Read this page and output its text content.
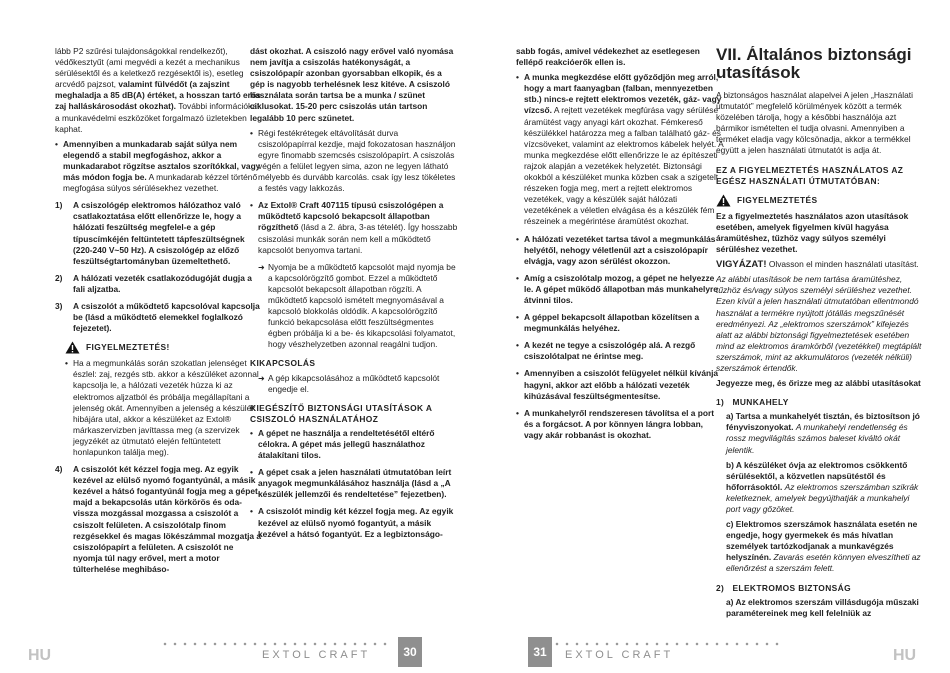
lább P2 szűrési tulajdonságokkal rendelkezőt), védőkesztyűt (ami megvédi a kezét a mechanikus sérülésektől és a keletkező rezgésektől is), esetleg arcvédő pajzsot, valamint fülvédőt (a zajszint meghaladja a 85 dB(A) értéket, a hosszan tartó erős zaj halláskárosodást okozhat). További információkat a munkavédelmi eszközöket forgalmazó üzletekben kaphat.

• Amennyiben a munkadarab saját súlya nem elegendő a stabil megfogáshoz, akkor a munkadarabot rögzítse asztalos szorítókkal, vagy más módon fogja be. A munkadarab kézzel történő megfogása súlyos sérülésekhez vezethet.
1) A csiszológép elektromos hálózathoz való csatlakoztatása előtt ellenőrizze le, hogy a hálózati feszültség megfelel-e a gép típuscímkéjén feltüntetett tápfeszültségnek (220-240 V~50 Hz). A csiszológép az előző feszültségtartományban üzemeltethető.
2) A hálózati vezeték csatlakozódugóját dugja a fali aljzatba.
3) A csiszolót a működtető kapcsolóval kapcsolja be (lásd a működtető elemekkel foglalkozó fejezetet).
FIGYELMEZTETÉS!
• Ha a megmunkálás során szokatlan jelenséget észlel: zaj, rezgés stb. akkor a készüléket azonnal kapcsolja le, a hálózati vezeték húzza ki az elektromos aljzatból és próbálja megállapítani a jelenség okát. Amennyiben a jelenség a készülék hibájára utal, akkor a készüléket az Extol® márkaszervizben javíttassa meg (a szervizek jegyzékét az útmutató elején feltüntetett honlapunkon találja meg).
4) A csiszolót két kézzel fogja meg. Az egyik kezével az elülső nyomó fogantyúnál, a másik kezével a hátsó fogantyúnál fogja meg a gépet, majd a bekapcsolás után körkörös és oda-vissza mozgással mozgassa a csiszolót a csiszolt felületen. A csiszolótalp finom rezgésekkel és magas lökészámmal mozgatja a csiszolópapírt a felületen. A csiszolót ne nyomja túl nagy erővel, mert a motor túlterhelése meghibáso-

dást okozhat. A csiszoló nagy erővel való nyomása nem javítja a csiszolás hatékonyságát, a csiszolópapír azonban gyorsabban elkopik, és a gép is nagyobb terhelésnek lesz kitéve. A csiszoló használata során tartsa be a munka / szünet ciklusokat. 15-20 perc csiszolás után tartson legalább 10 perc szünetet.

• Régi festékrétegek eltávolítását durva csiszolópapírral kezdje, majd fokozatosan használjon egyre finomabb szemcsés csiszolópapírt. A csiszolás végén a felület legyen sima, azon ne legyen látható mélyebb és durvább karcolás. csak így lesz tökéletes a festés vagy lakkozás.
• Az Extol® Craft 407115 típusú csiszológépen a működtető kapcsoló bekapcsolt állapotban rögzíthető (lásd a 2. ábra, 3-as tételét). Így hosszabb csiszolási munkák során nem kell a működtető kapcsolót benyomva tartani.
➜ Nyomja be a működtető kapcsolót majd nyomja be a kapcsolórögzítő gombot. Ezzel a működtető kapcsolót bekapcsolt állapotban rögzíti. A működtető kapcsoló ismételt megnyomásával a kapcsoló blokkolás oldódik. A kapcsolórögzítő funkció bekapcsolása előtt feszültségmentes égben próbálja ki a be- és kikapcsolási folyamatot, hogy vészhelyzetben azonnal reagálni tudjon.
KIKAPCSOLÁS
➜ A gép kikapcsolásához a működtető kapcsolót engedje el.
KIEGÉSZÍTŐ BIZTONSÁGI UTASÍTÁSOK A CSISZOLÓ HASZNÁLATÁHOZ
• A gépet ne használja a rendeltetésétől eltérő célokra. A gépet más jellegű használathoz átalakítani tilos.
• A gépet csak a jelen használati útmutatóban leírt anyagok megmunkálásához használja (lásd a „A készülék jellemzői és rendeltetése” fejezetben).
• A csiszolót mindig két kézzel fogja meg. Az egyik kezével az elülső nyomó fogantyút, a másik kezével a hátsó fogantyút. Ez a legbiztonságo-

sabb fogás, amivel védekezhet az esetlegesen fellépő reakcióerők ellen is.

• A munka megkezdése előtt győződjön meg arról, hogy a mart faanyagban (falban, mennyezetben stb.) nincs-e rejtett elektromos vezeték, gáz- vagy vízcső. A rejtett vezetékek megfúrása vagy sérülése áramütést vagy anyagi kárt okozhat. Fémkereső készülékkel határozza meg a falban található gáz- és vízcsöveket, valamint az elektromos kábelek helyét. A munka megkezdése előtt ellenőrizze le az építészeti rajzok alapján a vezetékek helyzetét. Biztonsági okokból a készüléket munka közben csak a szigetelt részeken fogja meg, mert a rejtett elektromos vezetékek, vagy a készülék saját hálózati vezetékének a véletlen elvágása és a készülék fém részeinek a megérintése áramütést okozhat.
• A hálózati vezetéket tartsa távol a megmunkálás helyétől, nehogy véletlenül azt a csiszolópapír elvágja, vagy azon sérülést okozzon.
• Amíg a csiszolótalp mozog, a gépet ne helyezze le. A gépet működő állapotban más munkahelyre átvinni tilos.
• A géppel bekapcsolt állapotban közelítsen a megmunkálás helyéhez.
• A kezét ne tegye a csiszológép alá. A rezgő csiszolótalpat ne érintse meg.
• Amennyiben a csiszolót felügyelet nélkül kívánja hagyni, akkor azt előbb a hálózati vezeték kihúzásával feszültségmentesítse.
• A munkahelyről rendszeresen távolítsa el a port és a forgácsot. A por könnyen lángra lobban, vagy akár robbanást is okozhat.
VII. Általános biztonsági
utasítások

A biztonságos használat alapelvei A jelen „Használati útmutatót” megfelelő körülmények között a termék közelében tárolja, hogy a későbbi használója azt bármikor ismételten el tudja olvasni. Amennyiben a terméket eladja vagy kölcsönadja, akkor a termékkel együtt a jelen használati útmutatót is adja át.

EZ A FIGYELMEZTETÉS HASZNÁLATOS AZ EGÉSZ HASZNÁLATI ÚTMUTATÓBAN:
FIGYELMEZTETÉS

Ez a figyelmeztetés használatos azon utasítások esetében, amelyek figyelmen kívül hagyása áramütéshez, tűzhöz vagy súlyos személyi sérüléshez vezethet.

VIGYÁZAT! Olvasson el minden használati utasítást.

Az alábbi utasítások be nem tartása áramütéshez, tűzhöz és/vagy súlyos személyi sérüléshez vezethet. Ezen kívül a jelen használati útmutatóban ellentmondó használat a termékre nyújtott jótállás megszűnését eredményezi. Az „elektromos szerszámok” kifejezés alatt az alábbi biztonsági figyelmeztetések esetében mind az elektromos áramkörből (vezetékkel) megtáplált szerszámok, mint az akkumulátoros (vezeték nélküli) szerszámok értendők.

Jegyezze meg, és őrizze meg az alábbi utasításokat

1) MUNKAHELY

a) Tartsa a munkahelyét tisztán, és biztosítson jó fényviszonyokat. A munkahelyi rendetlenség és rossz megvilágítás számos baleset kiváltó okát jelentik.

b) A készüléket óvja az elektromos csökkentő sérülésektől, a közvetlen napsütéstől és hőforrásoktól. Az elektromos szerszámban szikrák keletkeznek, amelyek begyújthatják a munkahelyi port vagy gőzöket.

c) Elektromos szerszámok használata esetén ne engedje, hogy gyermekek és más hívatlan személyek tartózkodjanak a munkavégzés helyszínén. Zavarás esetén könnyen elveszítheti az ellenőrzést a szerszám felett.

2) ELEKTROMOS BIZTONSÁG

a) Az elektromos szerszám villásdugója műszaki paramétereinek meg kell felelniük az

HU	EXTOL CRAFT	30	31	EXTOL CRAFT	HU
